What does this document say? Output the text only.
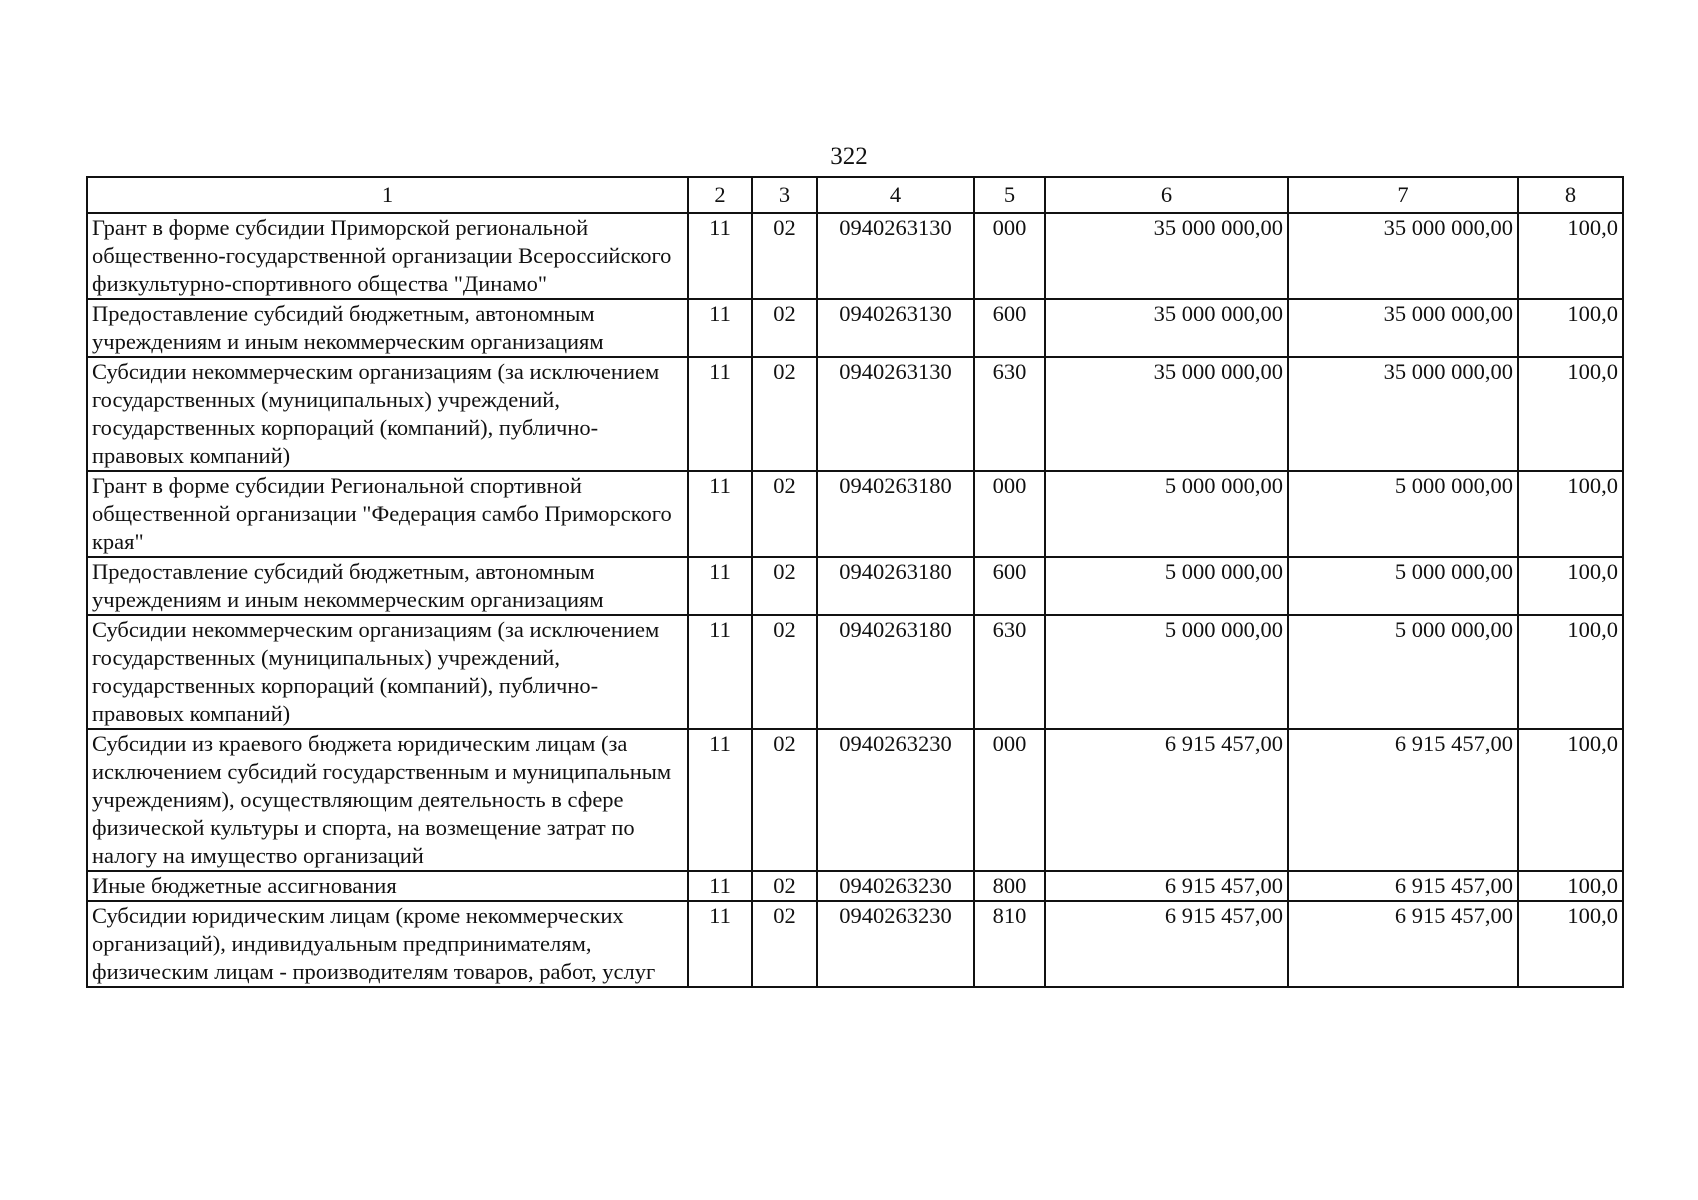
322
1	2	3	4	5	6	7	8
Грант в форме субсидии Приморской региональной общественно-государственной организации Всероссийского физкультурно-спортивного общества "Динамо"	11	02	0940263130	000	35 000 000,00	35 000 000,00	100,0
Предоставление субсидий бюджетным, автономным учреждениям и иным некоммерческим организациям	11	02	0940263130	600	35 000 000,00	35 000 000,00	100,0
Субсидии некоммерческим организациям (за исключением государственных (муниципальных) учреждений, государственных корпораций (компаний), публично-правовых компаний)	11	02	0940263130	630	35 000 000,00	35 000 000,00	100,0
Грант в форме субсидии Региональной спортивной общественной организации "Федерация самбо Приморского края"	11	02	0940263180	000	5 000 000,00	5 000 000,00	100,0
Предоставление субсидий бюджетным, автономным учреждениям и иным некоммерческим организациям	11	02	0940263180	600	5 000 000,00	5 000 000,00	100,0
Субсидии некоммерческим организациям (за исключением государственных (муниципальных) учреждений, государственных корпораций (компаний), публично-правовых компаний)	11	02	0940263180	630	5 000 000,00	5 000 000,00	100,0
Субсидии из краевого бюджета юридическим лицам (за исключением субсидий государственным и муниципальным учреждениям), осуществляющим деятельность в сфере физической культуры и спорта, на возмещение затрат по налогу на имущество организаций	11	02	0940263230	000	6 915 457,00	6 915 457,00	100,0
Иные бюджетные ассигнования	11	02	0940263230	800	6 915 457,00	6 915 457,00	100,0
Субсидии юридическим лицам (кроме некоммерческих организаций), индивидуальным предпринимателям, физическим лицам - производителям товаров, работ, услуг	11	02	0940263230	810	6 915 457,00	6 915 457,00	100,0
